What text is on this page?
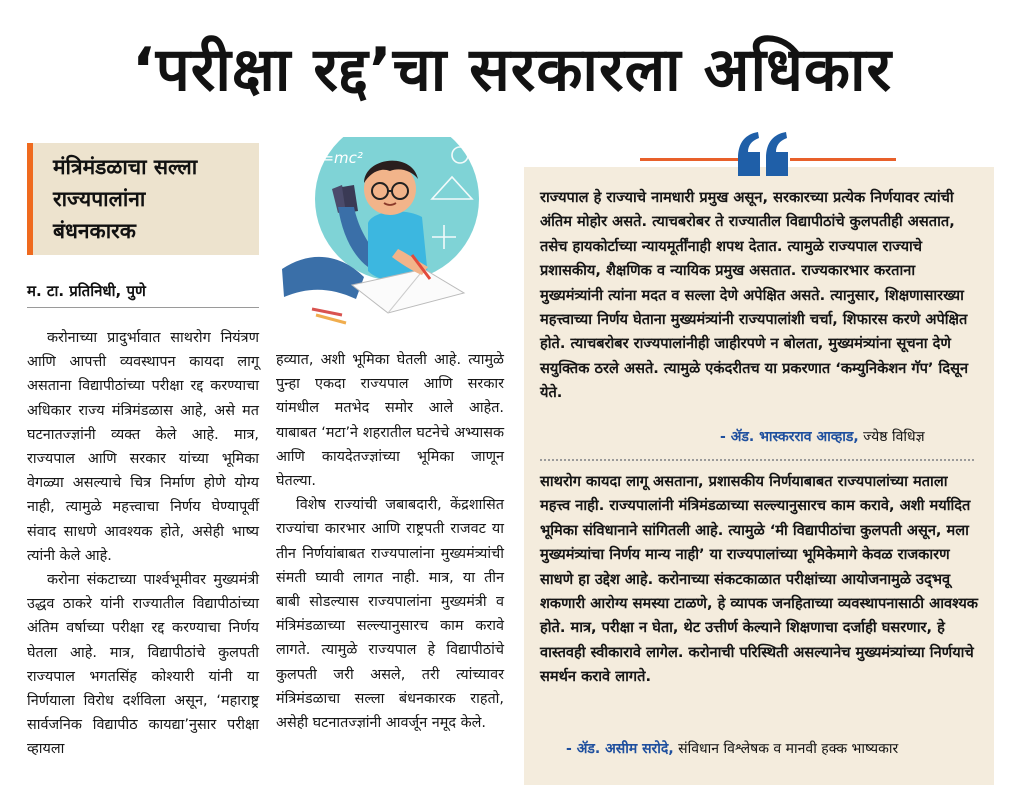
‘परीक्षा रद्द’चा सरकारला अधिकार
मंत्रिमंडळाचा सल्ला
राज्यपालांना
बंधनकारक
म. टा. प्रतिनिधी, पुणे
E=mc²

करोनाच्या प्रादुर्भावात साथरोग नियंत्रण आणि आपत्ती व्यवस्थापन कायदा लागू असताना विद्यापीठांच्या परीक्षा रद्द करण्याचा अधिकार राज्य मंत्रिमंडळास आहे, असे मत घटनातज्ज्ञांनी व्यक्त केले आहे. मात्र, राज्यपाल आणि सरकार यांच्या भूमिका वेगळ्या असल्याचे चित्र निर्माण होणे योग्य नाही, त्यामुळे महत्त्वाचा निर्णय घेण्यापूर्वी संवाद साधणे आवश्यक होते, असेही भाष्य त्यांनी केले आहे.

करोना संकटाच्या पार्श्वभूमीवर मुख्यमंत्री उद्धव ठाकरे यांनी राज्यातील विद्यापीठांच्या अंतिम वर्षाच्या परीक्षा रद्द करण्याचा निर्णय घेतला आहे. मात्र, विद्यापीठांचे कुलपती राज्यपाल भगतसिंह कोश्यारी यांनी या निर्णयाला विरोध दर्शविला असून, ‘महाराष्ट्र सार्वजनिक विद्यापीठ कायद्या’नुसार परीक्षा व्हायला

हव्यात, अशी भूमिका घेतली आहे. त्यामुळे पुन्हा एकदा राज्यपाल आणि सरकार यांमधील मतभेद समोर आले आहेत. याबाबत ‘मटा’ने शहरातील घटनेचे अभ्यासक आणि कायदेतज्ज्ञांच्या भूमिका जाणून घेतल्या.

विशेष राज्यांची जबाबदारी, केंद्रशासित राज्यांचा कारभार आणि राष्ट्रपती राजवट या तीन निर्णयांबाबत राज्यपालांना मुख्यमंत्र्यांची संमती घ्यावी लागत नाही. मात्र, या तीन बाबी सोडल्यास राज्यपालांना मुख्यमंत्री व मंत्रिमंडळाच्या सल्ल्यानुसारच काम करावे लागते. त्यामुळे राज्यपाल हे विद्यापीठांचे कुलपती जरी असले, तरी त्यांच्यावर मंत्रिमंडळाचा सल्ला बंधनकारक राहतो, असेही घटनातज्ज्ञांनी आवर्जून नमूद केले.

राज्यपाल हे राज्याचे नामधारी प्रमुख असून, सरकारच्या प्रत्येक निर्णयावर त्यांची अंतिम मोहोर असते. त्याचबरोबर ते राज्यातील विद्यापीठांचे कुलपतीही असतात, तसेच हायकोर्टाच्या न्यायमूर्तींनाही शपथ देतात. त्यामुळे राज्यपाल राज्याचे प्रशासकीय, शैक्षणिक व न्यायिक प्रमुख असतात. राज्यकारभार करताना मुख्यमंत्र्यांनी त्यांना मदत व सल्ला देणे अपेक्षित असते. त्यानुसार, शिक्षणासारख्या महत्त्वाच्या निर्णय घेताना मुख्यमंत्र्यांनी राज्यपालांशी चर्चा, शिफारस करणे अपेक्षित होते. त्याचबरोबर राज्यपालांनीही जाहीरपणे न बोलता, मुख्यमंत्र्यांना सूचना देणे सयुक्तिक ठरले असते. त्यामुळे एकंदरीतच या प्रकरणात ‘कम्युनिकेशन गॅप’ दिसून येते.
- ॲड. भास्करराव आव्हाड, ज्येष्ठ विधिज्ञ
साथरोग कायदा लागू असताना, प्रशासकीय निर्णयाबाबत राज्यपालांच्या मताला महत्त्व नाही. राज्यपालांनी मंत्रिमंडळाच्या सल्ल्यानुसारच काम करावे, अशी मर्यादित भूमिका संविधानाने सांगितली आहे. त्यामुळे ‘मी विद्यापीठांचा कुलपती असून, मला मुख्यमंत्र्यांचा निर्णय मान्य नाही’ या राज्यपालांच्या भूमिकेमागे केवळ राजकारण साधणे हा उद्देश आहे. करोनाच्या संकटकाळात परीक्षांच्या आयोजनामुळे उद्‌भवू शकणारी आरोग्य समस्या टाळणे, हे व्यापक जनहिताच्या व्यवस्थापनासाठी आवश्यक होते. मात्र, परीक्षा न घेता, थेट उत्तीर्ण केल्याने शिक्षणाचा दर्जाही घसरणार, हे वास्तवही स्वीकारावे लागेल. करोनाची परिस्थिती असल्यानेच मुख्यमंत्र्यांच्या निर्णयाचे समर्थन करावे लागते.
- ॲड. असीम सरोदे, संविधान विश्लेषक व मानवी हक्क भाष्यकार
